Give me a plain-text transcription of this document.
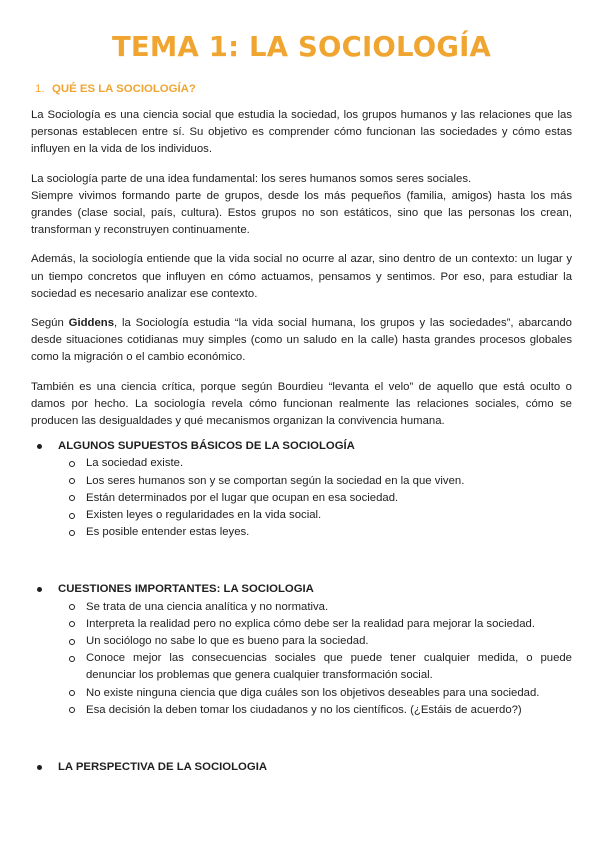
TEMA 1: LA SOCIOLOGÍA
1. QUÉ ES LA SOCIOLOGÍA?

La Sociología es una ciencia social que estudia la sociedad, los grupos humanos y las relaciones que las personas establecen entre sí. Su objetivo es comprender cómo funcionan las sociedades y cómo estas influyen en la vida de los individuos.

La sociología parte de una idea fundamental: los seres humanos somos seres sociales.

Siempre vivimos formando parte de grupos, desde los más pequeños (familia, amigos) hasta los más grandes (clase social, país, cultura). Estos grupos no son estáticos, sino que las personas los crean, transforman y reconstruyen continuamente.

Además, la sociología entiende que la vida social no ocurre al azar, sino dentro de un contexto: un lugar y un tiempo concretos que influyen en cómo actuamos, pensamos y sentimos. Por eso, para estudiar la sociedad es necesario analizar ese contexto.

Según Giddens, la Sociología estudia “la vida social humana, los grupos y las sociedades”, abarcando desde situaciones cotidianas muy simples (como un saludo en la calle) hasta grandes procesos globales como la migración o el cambio económico.

También es una ciencia crítica, porque según Bourdieu “levanta el velo” de aquello que está oculto o damos por hecho. La sociología revela cómo funcionan realmente las relaciones sociales, cómo se producen las desigualdades y qué mecanismos organizan la convivencia humana.

ALGUNOS SUPUESTOS BÁSICOS DE LA SOCIOLOGÍA
La sociedad existe.
Los seres humanos son y se comportan según la sociedad en la que viven.
Están determinados por el lugar que ocupan en esa sociedad.
Existen leyes o regularidades en la vida social.
Es posible entender estas leyes.
CUESTIONES IMPORTANTES: LA SOCIOLOGIA
Se trata de una ciencia analítica y no normativa.
Interpreta la realidad pero no explica cómo debe ser la realidad para mejorar la sociedad.
Un sociólogo no sabe lo que es bueno para la sociedad.
Conoce mejor las consecuencias sociales que puede tener cualquier medida, o puede denunciar los problemas que genera cualquier transformación social.
No existe ninguna ciencia que diga cuáles son los objetivos deseables para una sociedad.
Esa decisión la deben tomar los ciudadanos y no los científicos. (¿Estáis de acuerdo?)
LA PERSPECTIVA DE LA SOCIOLOGIA
